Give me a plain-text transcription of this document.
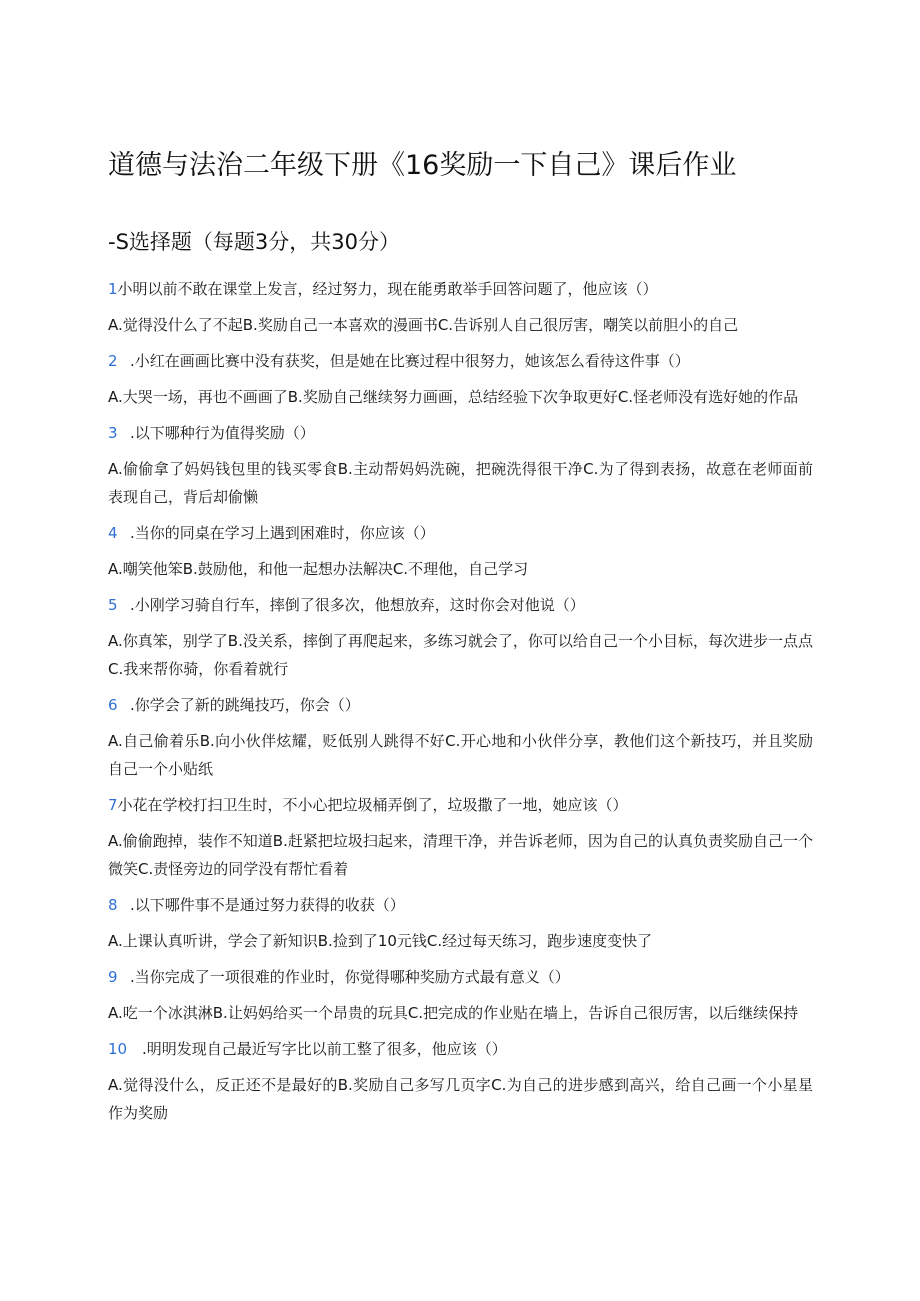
道德与法治二年级下册《16奖励一下自己》课后作业
-S选择题（每题3分，共30分）
1小明以前不敢在课堂上发言，经过努力，现在能勇敢举手回答问题了，他应该（）
A.觉得没什么了不起B.奖励自己一本喜欢的漫画书C.告诉别人自己很厉害，嘲笑以前胆小的自己
2 .小红在画画比赛中没有获奖，但是她在比赛过程中很努力，她该怎么看待这件事（）
A.大哭一场，再也不画画了B.奖励自己继续努力画画，总结经验下次争取更好C.怪老师没有选好她的作品
3 .以下哪种行为值得奖励（）
A.偷偷拿了妈妈钱包里的钱买零食B.主动帮妈妈洗碗，把碗洗得很干净C.为了得到表扬，故意在老师面前表现自己，背后却偷懒
4 .当你的同桌在学习上遇到困难时，你应该（）
A.嘲笑他笨B.鼓励他，和他一起想办法解决C.不理他，自己学习
5 .小刚学习骑自行车，摔倒了很多次，他想放弃，这时你会对他说（）
A.你真笨，别学了B.没关系，摔倒了再爬起来，多练习就会了，你可以给自己一个小目标，每次进步一点点C.我来帮你骑，你看着就行
6 .你学会了新的跳绳技巧，你会（）
A.自己偷着乐B.向小伙伴炫耀，贬低别人跳得不好C.开心地和小伙伴分享，教他们这个新技巧，并且奖励自己一个小贴纸
7小花在学校打扫卫生时，不小心把垃圾桶弄倒了，垃圾撒了一地，她应该（）
A.偷偷跑掉，装作不知道B.赶紧把垃圾扫起来，清理干净，并告诉老师，因为自己的认真负责奖励自己一个微笑C.责怪旁边的同学没有帮忙看着
8 .以下哪件事不是通过努力获得的收获（）
A.上课认真听讲，学会了新知识B.捡到了10元钱C.经过每天练习，跑步速度变快了
9 .当你完成了一项很难的作业时，你觉得哪种奖励方式最有意义（）
A.吃一个冰淇淋B.让妈妈给买一个昂贵的玩具C.把完成的作业贴在墙上，告诉自己很厉害，以后继续保持
10 .明明发现自己最近写字比以前工整了很多，他应该（）
A.觉得没什么，反正还不是最好的B.奖励自己多写几页字C.为自己的进步感到高兴，给自己画一个小星星作为奖励
